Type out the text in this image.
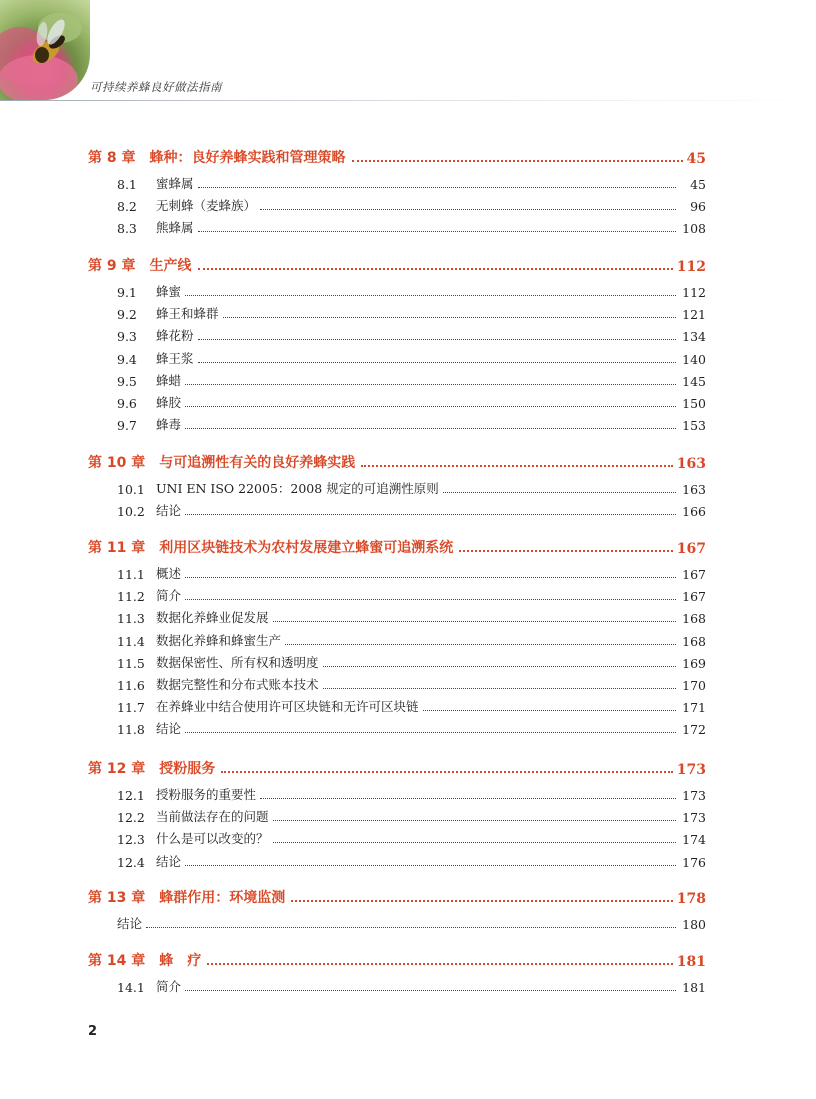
可持续养蜂良好做法指南
第 8 章 蜂种：良好养蜂实践和管理策略	45
8.1	蜜蜂属	45
8.2	无刺蜂（麦蜂族）	96
8.3	熊蜂属	108
第 9 章 生产线	112
9.1	蜂蜜	112
9.2	蜂王和蜂群	121
9.3	蜂花粉	134
9.4	蜂王浆	140
9.5	蜂蜡	145
9.6	蜂胶	150
9.7	蜂毒	153
第 10 章 与可追溯性有关的良好养蜂实践	163
10.1 UNI EN ISO 22005：2008 规定的可追溯性原则	163
10.2 结论	166
第 11 章 利用区块链技术为农村发展建立蜂蜜可追溯系统	167
11.1 概述	167
11.2 简介	167
11.3 数据化养蜂业促发展	168
11.4 数据化养蜂和蜂蜜生产	168
11.5 数据保密性、所有权和透明度	169
11.6 数据完整性和分布式账本技术	170
11.7 在养蜂业中结合使用许可区块链和无许可区块链	171
11.8 结论	172
第 12 章 授粉服务	173
12.1 授粉服务的重要性	173
12.2 当前做法存在的问题	173
12.3 什么是可以改变的？	174
12.4 结论	176
第 13 章 蜂群作用：环境监测	178
结论	180
第 14 章 蜂　疗	181
14.1 简介	181
2
